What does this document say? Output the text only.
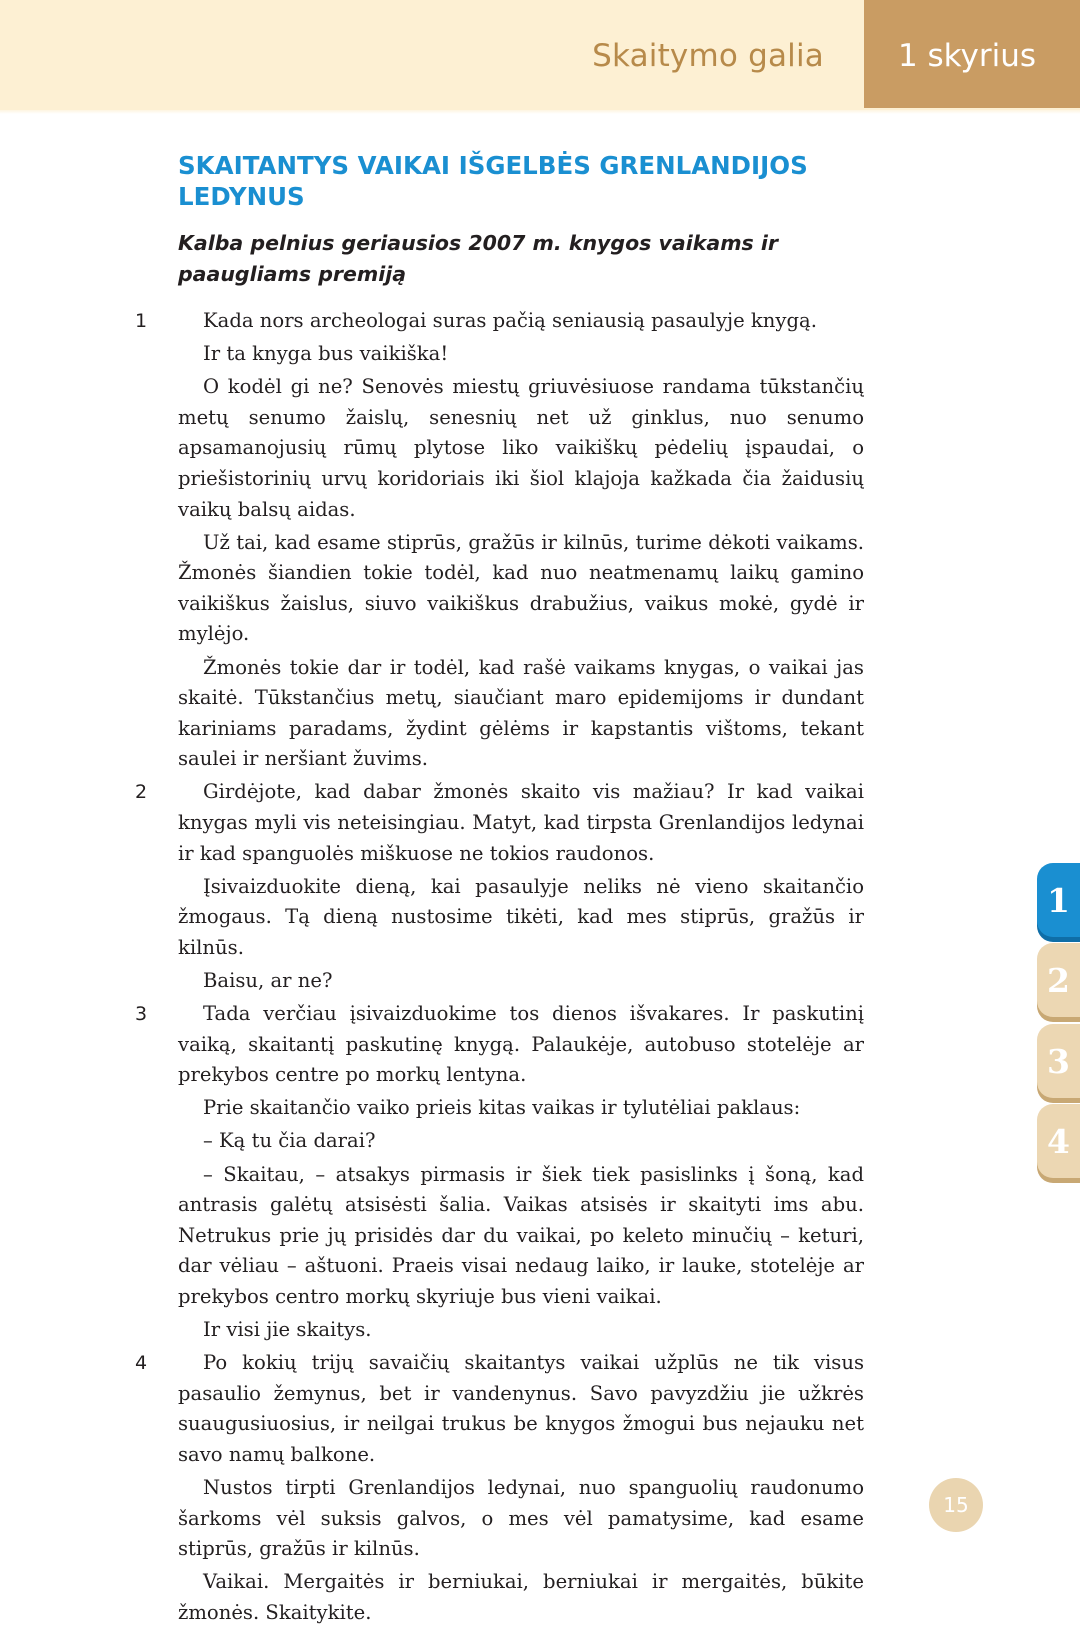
Skaitymo galia	1 skyrius
SKAITANTYS VAIKAI IŠGELBĖS GRENLANDIJOS LEDYNUS
Kalba pelnius geriausios 2007 m. knygos vaikams ir paaugliams premiją

1	Kada nors archeologai suras pačią seniausią pasaulyje knygą.

Ir ta knyga bus vaikiška!

O kodėl gi ne? Senovės miestų griuvėsiuose randama tūkstančių metų senumo žaislų, senesnių net už ginklus, nuo senumo apsamanojusių rūmų plytose liko vaikiškų pėdelių įspaudai, o priešistorinių urvų koridoriais iki šiol klajoja kažkada čia žaidusių vaikų balsų aidas.

Už tai, kad esame stiprūs, gražūs ir kilnūs, turime dėkoti vaikams. Žmonės šiandien tokie todėl, kad nuo neatmenamų laikų gamino vaikiškus žaislus, siuvo vaikiškus drabužius, vaikus mokė, gydė ir mylėjo.

Žmonės tokie dar ir todėl, kad rašė vaikams knygas, o vaikai jas skaitė. Tūkstančius metų, siaučiant maro epidemijoms ir dundant kariniams paradams, žydint gėlėms ir kapstantis vištoms, tekant saulei ir neršiant žuvims.

2	Girdėjote, kad dabar žmonės skaito vis mažiau? Ir kad vaikai knygas myli vis neteisingiau. Matyt, kad tirpsta Grenlandijos ledynai ir kad spanguolės miškuose ne tokios raudonos.

Įsivaizduokite dieną, kai pasaulyje neliks nė vieno skaitančio žmogaus. Tą dieną nustosime tikėti, kad mes stiprūs, gražūs ir kilnūs.

Baisu, ar ne?

3	Tada verčiau įsivaizduokime tos dienos išvakares. Ir paskutinį vaiką, skaitantį paskutinę knygą. Palaukėje, autobuso stotelėje ar prekybos centre po morkų lentyna.

Prie skaitančio vaiko prieis kitas vaikas ir tylutėliai paklaus:

– Ką tu čia darai?

– Skaitau, – atsakys pirmasis ir šiek tiek pasislinks į šoną, kad antrasis galėtų atsisėsti šalia. Vaikas atsisės ir skaityti ims abu. Netrukus prie jų prisidės dar du vaikai, po keleto minučių – keturi, dar vėliau – aštuoni. Praeis visai nedaug laiko, ir lauke, stotelėje ar prekybos centro morkų skyriuje bus vieni vaikai.

Ir visi jie skaitys.

4	Po kokių trijų savaičių skaitantys vaikai užplūs ne tik visus pasaulio žemynus, bet ir vandenynus. Savo pavyzdžiu jie užkrės suaugusiuosius, ir neilgai trukus be knygos žmogui bus nejauku net savo namų balkone.

Nustos tirpti Grenlandijos ledynai, nuo spanguolių raudonumo šarkoms vėl suksis galvos, o mes vėl pamatysime, kad esame stiprūs, gražūs ir kilnūs.

Vaikai. Mergaitės ir berniukai, berniukai ir mergaitės, būkite žmonės. Skaitykite.

1
2
3
4
15
